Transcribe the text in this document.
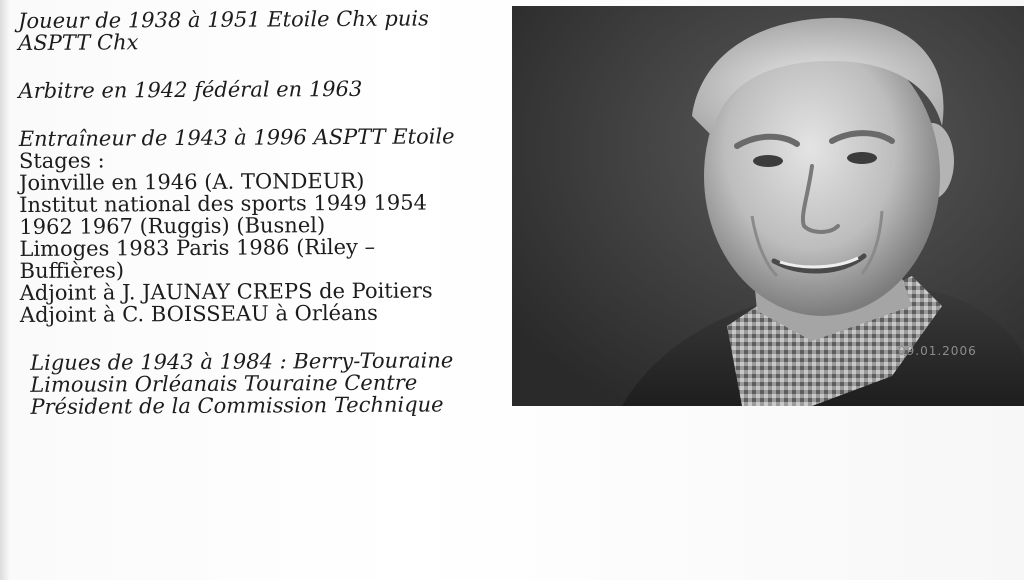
Joueur de 1938 à 1951 Etoile Chx puis
ASPTT Chx
Arbitre en 1942 fédéral en 1963
Entraîneur de 1943 à 1996 ASPTT Etoile
Stages :
Joinville en 1946 (A. TONDEUR)
Institut national des sports 1949 1954
1962 1967 (Ruggis) (Busnel)
Limoges 1983 Paris 1986 (Riley –
Buffières)
Adjoint à J. JAUNAY CREPS de Poitiers
Adjoint à C. BOISSEAU à Orléans
Ligues de 1943 à 1984 : Berry-Touraine
Limousin Orléanais Touraine Centre
Président de la Commission Technique
09.01.2006
